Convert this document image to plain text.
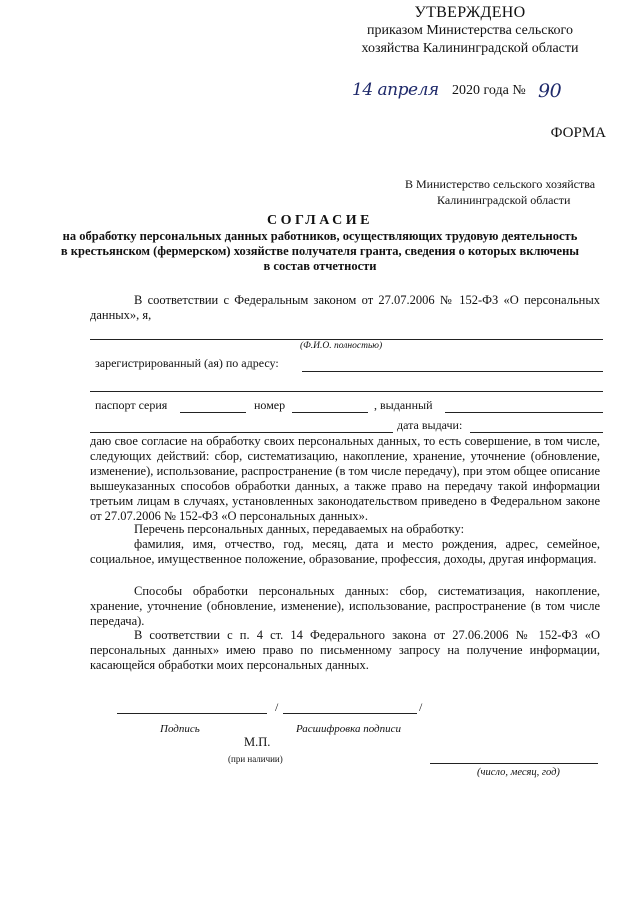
УТВЕРЖДЕНО
приказом Министерства сельского
хозяйства Калининградской области
14 апреля 2020 года № 90
ФОРМА
В Министерство сельского хозяйства
Калининградской области
СОГЛАСИЕ
на обработку персональных данных работников, осуществляющих трудовую деятельность в крестьянском (фермерском) хозяйстве получателя гранта, сведения о которых включены в состав отчетности
В соответствии с Федеральным законом от 27.07.2006 № 152-ФЗ «О персональных данных», я,
(Ф.И.О. полностью)
зарегистрированный (ая) по адресу:
паспорт серия	номер	, выданный
дата выдачи:
даю свое согласие на обработку своих персональных данных, то есть совершение, в том числе, следующих действий: сбор, систематизацию, накопление, хранение, уточнение (обновление, изменение), использование, распространение (в том числе передачу), при этом общее описание вышеуказанных способов обработки данных, а также право на передачу такой информации третьим лицам в случаях, установленных законодательством приведено в Федеральном законе от 27.07.2006 № 152-ФЗ «О персональных данных».
Перечень персональных данных, передаваемых на обработку:
фамилия, имя, отчество, год, месяц, дата и место рождения, адрес, семейное, социальное, имущественное положение, образование, профессия, доходы, другая информация.
Способы обработки персональных данных: сбор, систематизация, накопление, хранение, уточнение (обновление, изменение), использование, распространение (в том числе передача).
В соответствии с п. 4 ст. 14 Федерального закона от 27.06.2006 № 152-ФЗ «О персональных данных» имею право по письменному запросу на получение информации, касающейся обработки моих персональных данных.
/	/
Подпись	Расшифровка подписи
М.П.
(при наличии)
(число, месяц, год)
